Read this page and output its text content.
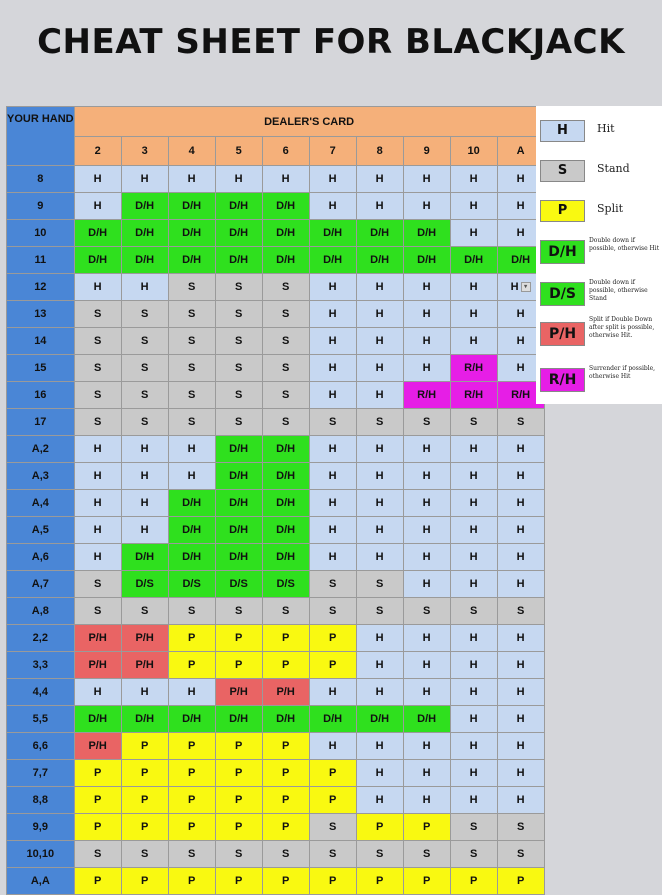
CHEAT SHEET FOR BLACKJACK
YOUR HAND	DEALER'S CARD									
	2	3	4	5	6	7	8	9	10	A
8	H	H	H	H	H	H	H	H	H	H
9	H	D/H	D/H	D/H	D/H	H	H	H	H	H
10	D/H	D/H	D/H	D/H	D/H	D/H	D/H	D/H	H	H
11	D/H	D/H	D/H	D/H	D/H	D/H	D/H	D/H	D/H	D/H
12	H	H	S	S	S	H	H	H	H	H ▾
13	S	S	S	S	S	H	H	H	H	H
14	S	S	S	S	S	H	H	H	H	H
15	S	S	S	S	S	H	H	H	R/H	H
16	S	S	S	S	S	H	H	R/H	R/H	R/H
17	S	S	S	S	S	S	S	S	S	S
A,2	H	H	H	D/H	D/H	H	H	H	H	H
A,3	H	H	H	D/H	D/H	H	H	H	H	H
A,4	H	H	D/H	D/H	D/H	H	H	H	H	H
A,5	H	H	D/H	D/H	D/H	H	H	H	H	H
A,6	H	D/H	D/H	D/H	D/H	H	H	H	H	H
A,7	S	D/S	D/S	D/S	D/S	S	S	H	H	H
A,8	S	S	S	S	S	S	S	S	S	S
2,2	P/H	P/H	P	P	P	P	H	H	H	H
3,3	P/H	P/H	P	P	P	P	H	H	H	H
4,4	H	H	H	P/H	P/H	H	H	H	H	H
5,5	D/H	D/H	D/H	D/H	D/H	D/H	D/H	D/H	H	H
6,6	P/H	P	P	P	P	H	H	H	H	H
7,7	P	P	P	P	P	P	H	H	H	H
8,8	P	P	P	P	P	P	H	H	H	H
9,9	P	P	P	P	P	S	P	P	S	S
10,10	S	S	S	S	S	S	S	S	S	S
A,A	P	P	P	P	P	P	P	P	P	P
H	Hit
S	Stand
P	Split
D/H
Double down if possible, otherwise Hit
D/S
Double down if possible, otherwise Stand
P/H
Split if Double Down after split is possible, otherwise Hit.
R/H
Surrender if possible, otherwise Hit
